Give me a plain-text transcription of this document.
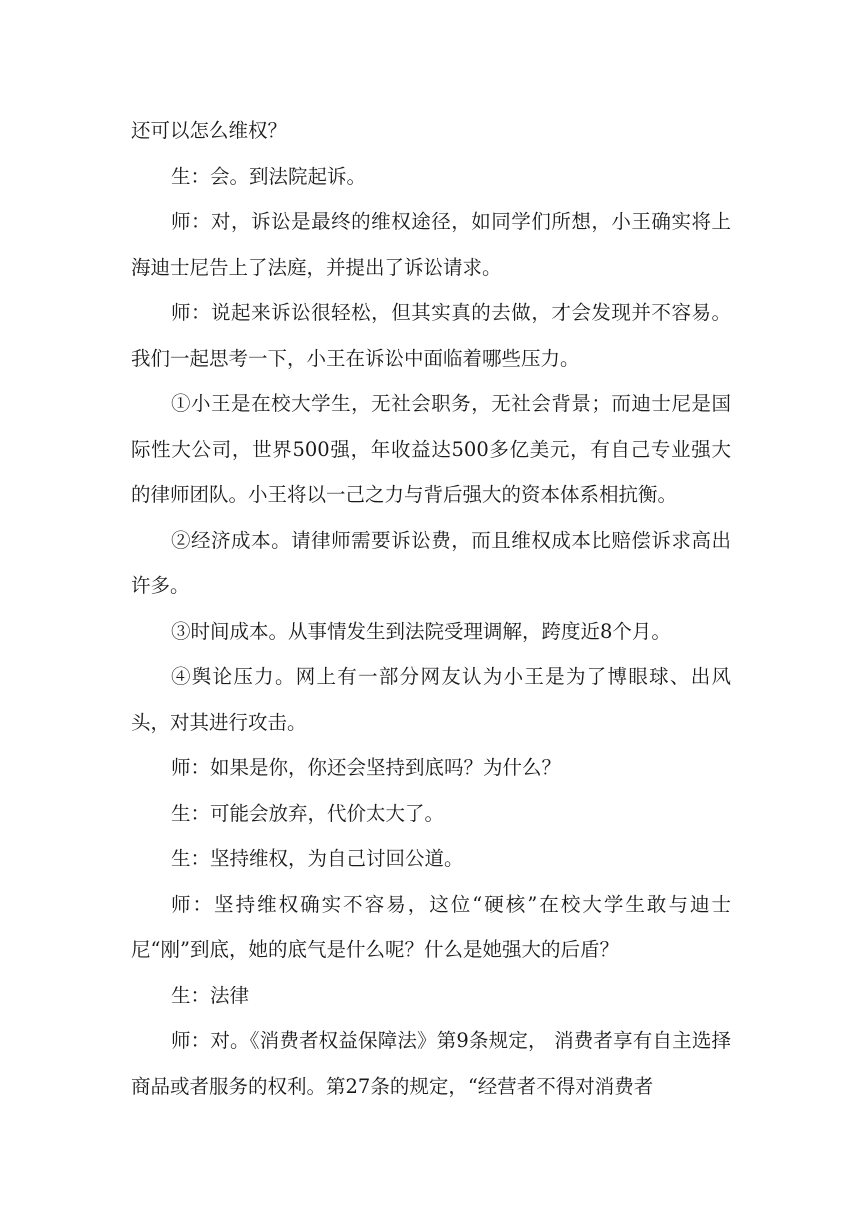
还可以怎么维权？

生：会。到法院起诉。

师：对，诉讼是最终的维权途径，如同学们所想，小王确实将上海迪士尼告上了法庭，并提出了诉讼请求。

师：说起来诉讼很轻松，但其实真的去做，才会发现并不容易。我们一起思考一下，小王在诉讼中面临着哪些压力。

①小王是在校大学生，无社会职务，无社会背景；而迪士尼是国际性大公司，世界500强，年收益达500多亿美元，有自己专业强大的律师团队。小王将以一己之力与背后强大的资本体系相抗衡。

②经济成本。请律师需要诉讼费，而且维权成本比赔偿诉求高出许多。

③时间成本。从事情发生到法院受理调解，跨度近8个月。

④舆论压力。网上有一部分网友认为小王是为了博眼球、出风头，对其进行攻击。

师：如果是你，你还会坚持到底吗？为什么？

生：可能会放弃，代价太大了。

生：坚持维权，为自己讨回公道。

师：坚持维权确实不容易，这位“硬核”在校大学生敢与迪士尼“刚”到底，她的底气是什么呢？什么是她强大的后盾？

生：法律

师：对。《消费者权益保障法》第9条规定， 消费者享有自主选择商品或者服务的权利。第27条的规定，“经营者不得对消费者
